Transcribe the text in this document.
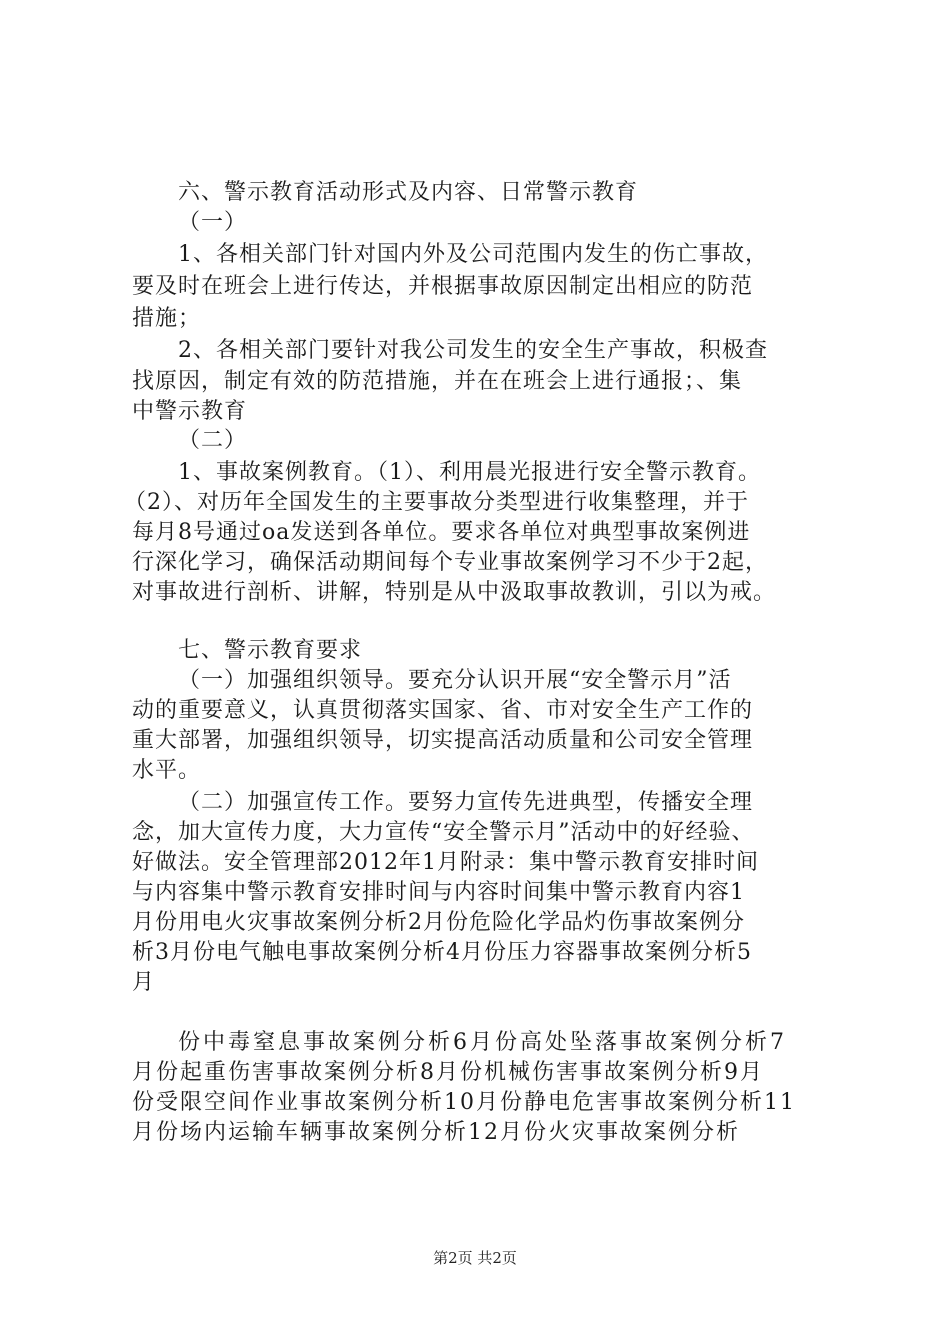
六、警示教育活动形式及内容、日常警示教育
（一）
1、各相关部门针对国内外及公司范围内发生的伤亡事故，
要及时在班会上进行传达，并根据事故原因制定出相应的防范
措施；
2、各相关部门要针对我公司发生的安全生产事故，积极查
找原因，制定有效的防范措施，并在在班会上进行通报；、集
中警示教育
（二）
1、事故案例教育。（1）、利用晨光报进行安全警示教育。
（2）、对历年全国发生的主要事故分类型进行收集整理，并于
每月8号通过oa发送到各单位。要求各单位对典型事故案例进
行深化学习，确保活动期间每个专业事故案例学习不少于2起，
对事故进行剖析、讲解，特别是从中汲取事故教训，引以为戒。
七、警示教育要求
（一）加强组织领导。要充分认识开展“安全警示月”活
动的重要意义，认真贯彻落实国家、省、市对安全生产工作的
重大部署，加强组织领导，切实提高活动质量和公司安全管理
水平。
（二）加强宣传工作。要努力宣传先进典型，传播安全理
念，加大宣传力度，大力宣传“安全警示月”活动中的好经验、
好做法。安全管理部2012年1月附录：集中警示教育安排时间
与内容集中警示教育安排时间与内容时间集中警示教育内容1
月份用电火灾事故案例分析2月份危险化学品灼伤事故案例分
析3月份电气触电事故案例分析4月份压力容器事故案例分析5
月
份中毒窒息事故案例分析6月份高处坠落事故案例分析7
月份起重伤害事故案例分析8月份机械伤害事故案例分析9月
份受限空间作业事故案例分析10月份静电危害事故案例分析11
月份场内运输车辆事故案例分析12月份火灾事故案例分析
第2页 共2页
